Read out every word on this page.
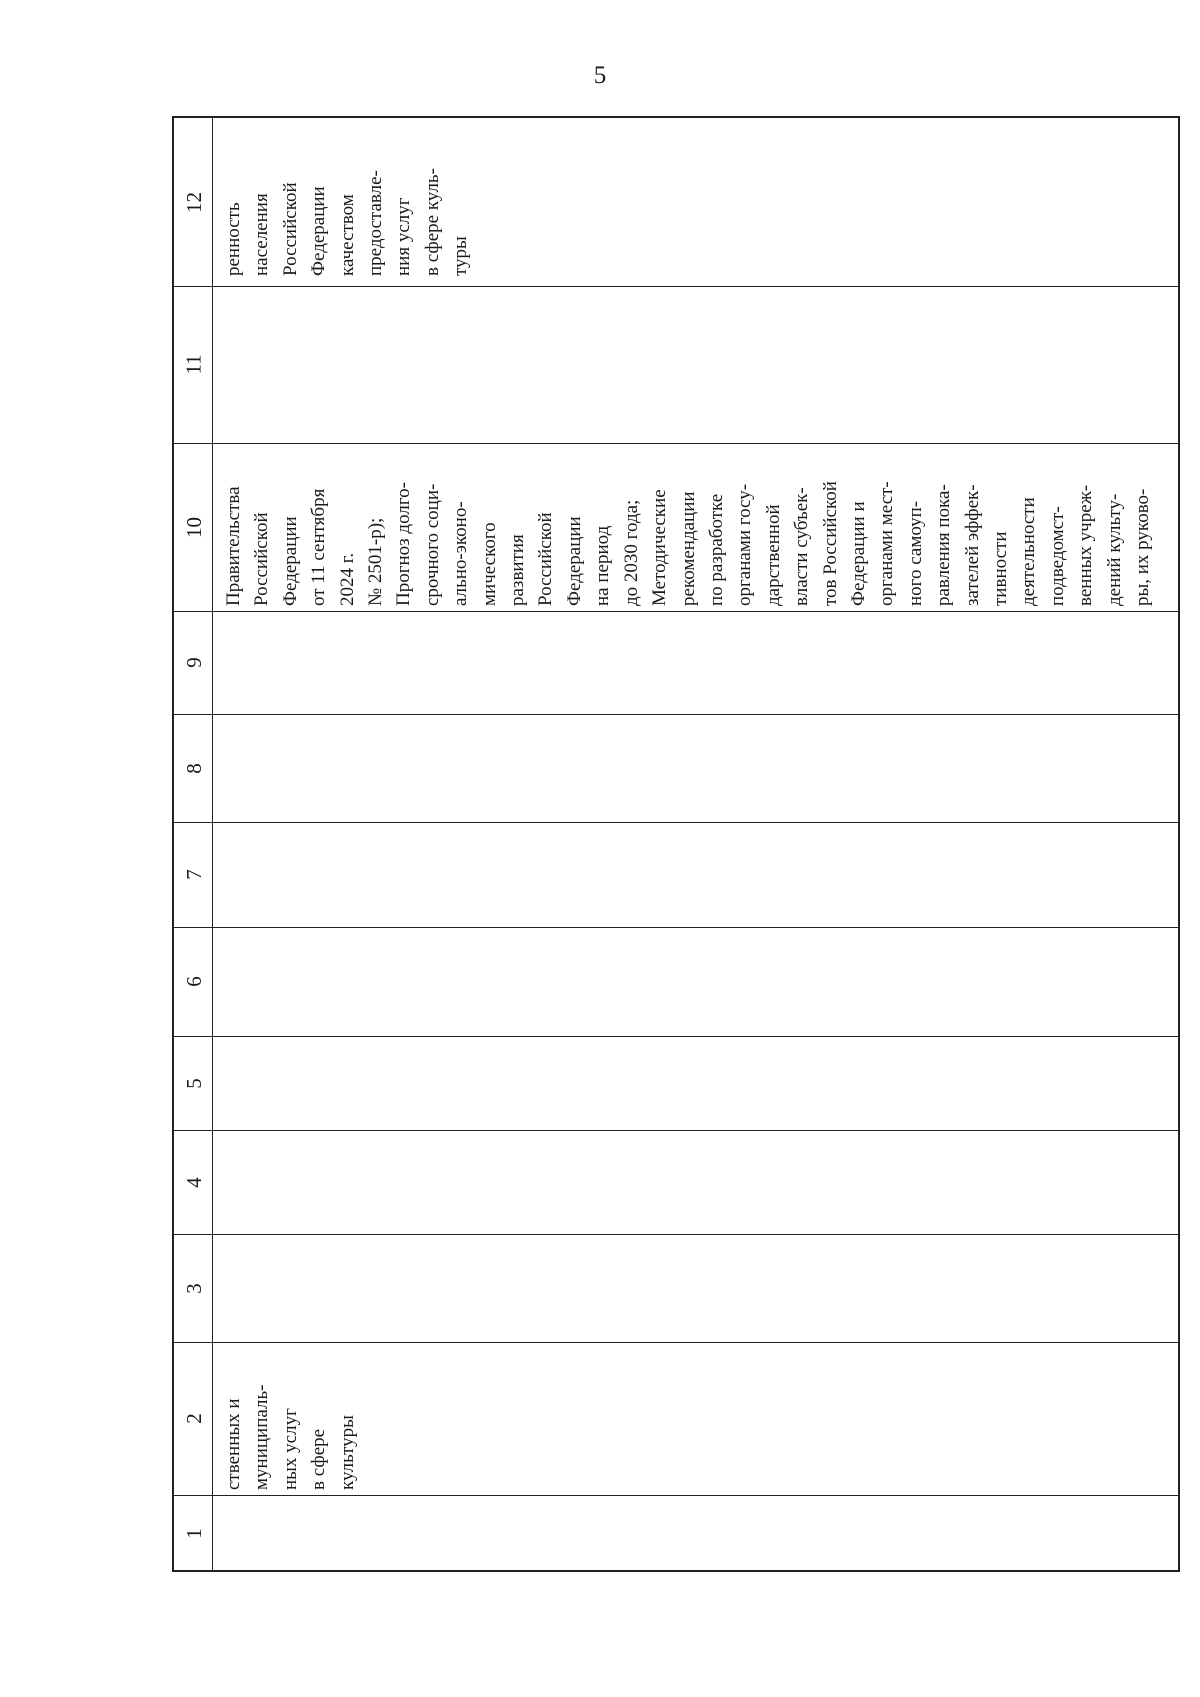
5
12
11
10
9
8
7
6
5
4
3
2
1
ренность населения Российской Федерации качеством предоставле- ния услуг в сфере куль- туры
Правительства Российской Федерации от 11 сентября 2024 г. № 2501-р); Прогноз долго- срочного соци- ально-эконо- мического развития Российской Федерации на период до 2030 года; Методические рекомендации по разработке органами госу- дарственной власти субъек- тов Российской Федерации и органами мест- ного самоуп- равления пока- зателей эффек- тивности деятельности подведомст- венных учреж- дений культу- ры, их руково-
ственных и муниципаль- ных услуг в сфере культуры
